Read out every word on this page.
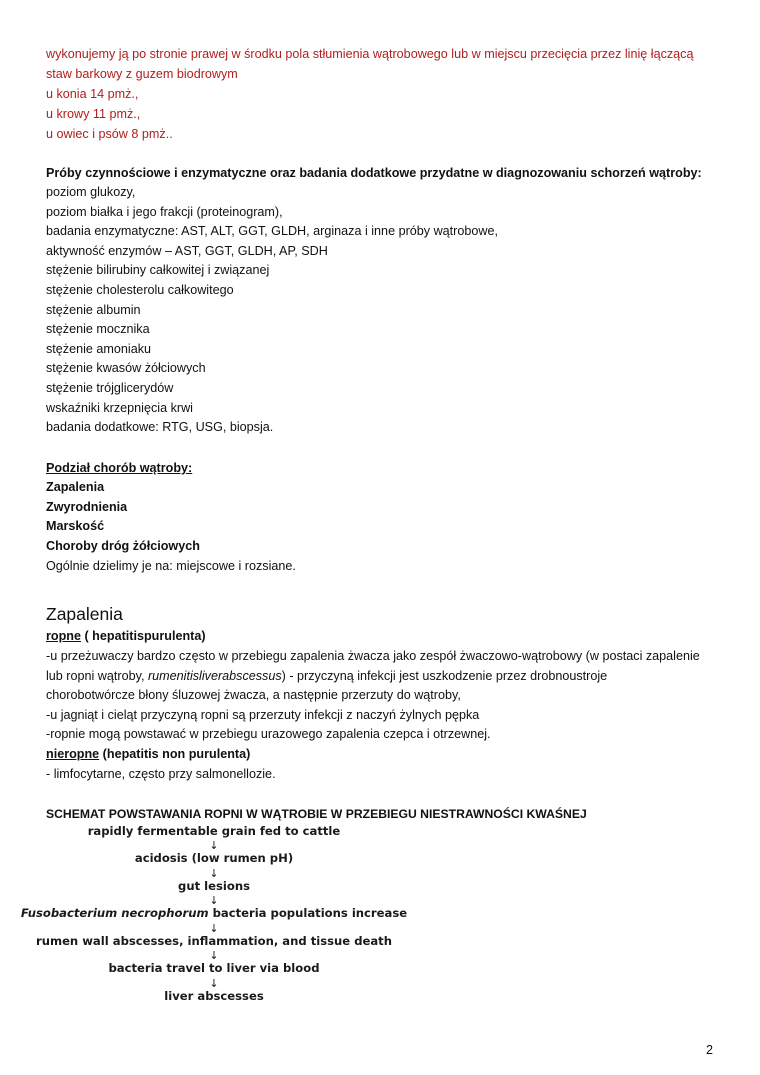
wykonujemy ją po stronie prawej w środku pola stłumienia wątrobowego lub w miejscu przecięcia przez linię łączącą
staw barkowy z guzem biodrowym
u konia 14 pmż.,
u krowy 11 pmż.,
u owiec i psów 8 pmż..
Próby czynnościowe i enzymatyczne oraz badania dodatkowe przydatne w diagnozowaniu schorzeń wątroby:
poziom glukozy,
poziom białka i jego frakcji (proteinogram),
badania enzymatyczne: AST, ALT, GGT, GLDH, arginaza i inne próby wątrobowe,
aktywność enzymów – AST, GGT, GLDH, AP, SDH
stężenie bilirubiny całkowitej i związanej
stężenie cholesterolu całkowitego
stężenie albumin
stężenie mocznika
stężenie amoniaku
stężenie kwasów żółciowych
stężenie trójglicerydów
wskaźniki krzepnięcia krwi
badania dodatkowe: RTG, USG, biopsja.
Podział chorób wątroby:
Zapalenia
Zwyrodnienia
Marskość
Choroby dróg żółciowych
Ogólnie dzielimy je na: miejscowe i rozsiane.
Zapalenia
ropne ( hepatitispurulenta)
-u przeżuwaczy bardzo często w przebiegu zapalenia żwacza jako zespół żwaczowo-wątrobowy (w postaci zapalenie
lub ropni wątroby, rumenitisliverabscessus) - przyczyną infekcji jest uszkodzenie przez drobnoustroje
chorobotwórcze błony śluzowej żwacza, a następnie przerzuty do wątroby,
-u jagniąt i cieląt przyczyną ropni są przerzuty infekcji z naczyń żylnych pępka
-ropnie mogą powstawać w przebiegu urazowego zapalenia czepca i otrzewnej.
nieropne (hepatitis non purulenta)
- limfocytarne, często przy salmonellozie.
SCHEMAT POWSTAWANIA ROPNI W WĄTROBIE W PRZEBIEGU NIESTRAWNOŚCI KWAŚNEJ
rapidly fermentable grain fed to cattle
↓
acidosis (low rumen pH)
↓
gut lesions
↓
Fusobacterium necrophorum bacteria populations increase
↓
rumen wall abscesses, inflammation, and tissue death
↓
bacteria travel to liver via blood
↓
liver abscesses
2
